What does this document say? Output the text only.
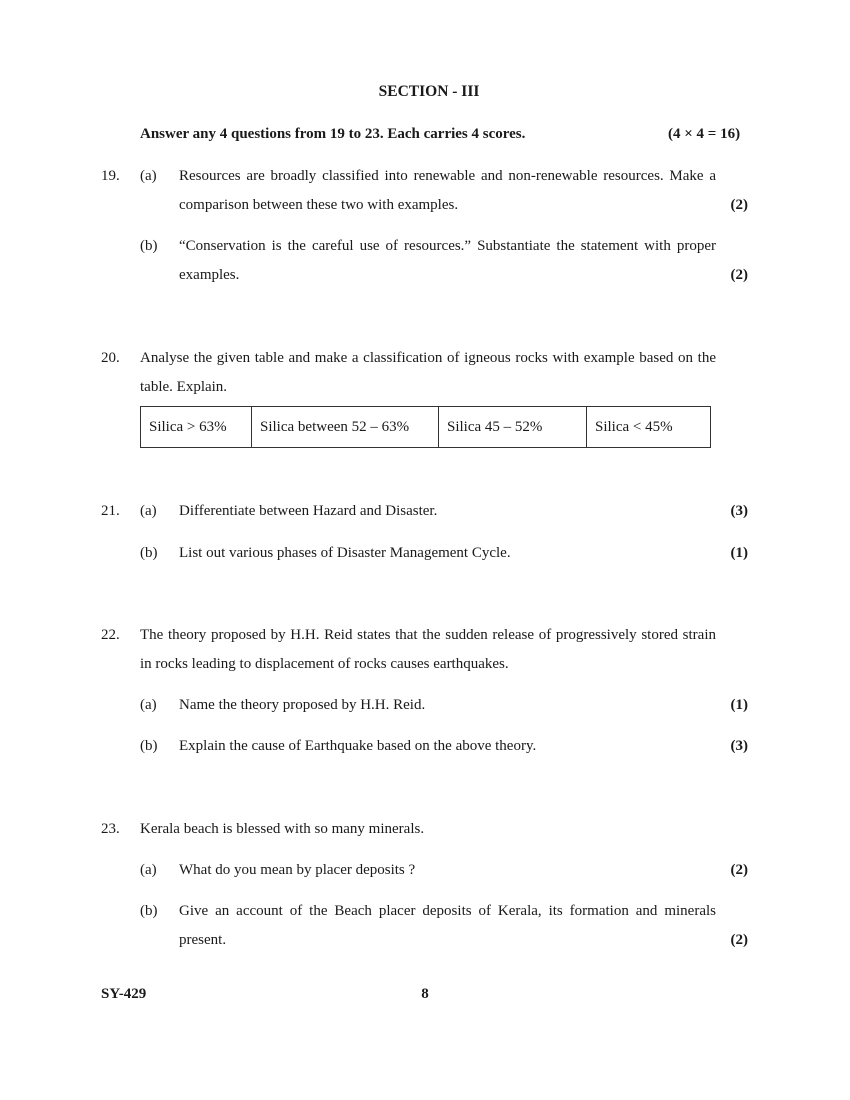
SECTION - III
Answer any 4 questions from 19 to 23. Each carries 4 scores.	(4 × 4 = 16)
19. (a) Resources are broadly classified into renewable and non-renewable resources. Make a comparison between these two with examples.	(2)
(b) “Conservation is the careful use of resources.” Substantiate the statement with proper examples.	(2)
20. Analyse the given table and make a classification of igneous rocks with example based on the table. Explain.
Silica > 63%	Silica between 52 – 63%	Silica 45 – 52%	Silica < 45%
21. (a) Differentiate between Hazard and Disaster.	(3)
(b) List out various phases of Disaster Management Cycle.	(1)
22. The theory proposed by H.H. Reid states that the sudden release of progressively stored strain in rocks leading to displacement of rocks causes earthquakes.
(a) Name the theory proposed by H.H. Reid.	(1)
(b) Explain the cause of Earthquake based on the above theory.	(3)
23. Kerala beach is blessed with so many minerals.
(a) What do you mean by placer deposits ?	(2)
(b) Give an account of the Beach placer deposits of Kerala, its formation and minerals present.	(2)
SY-429	8
